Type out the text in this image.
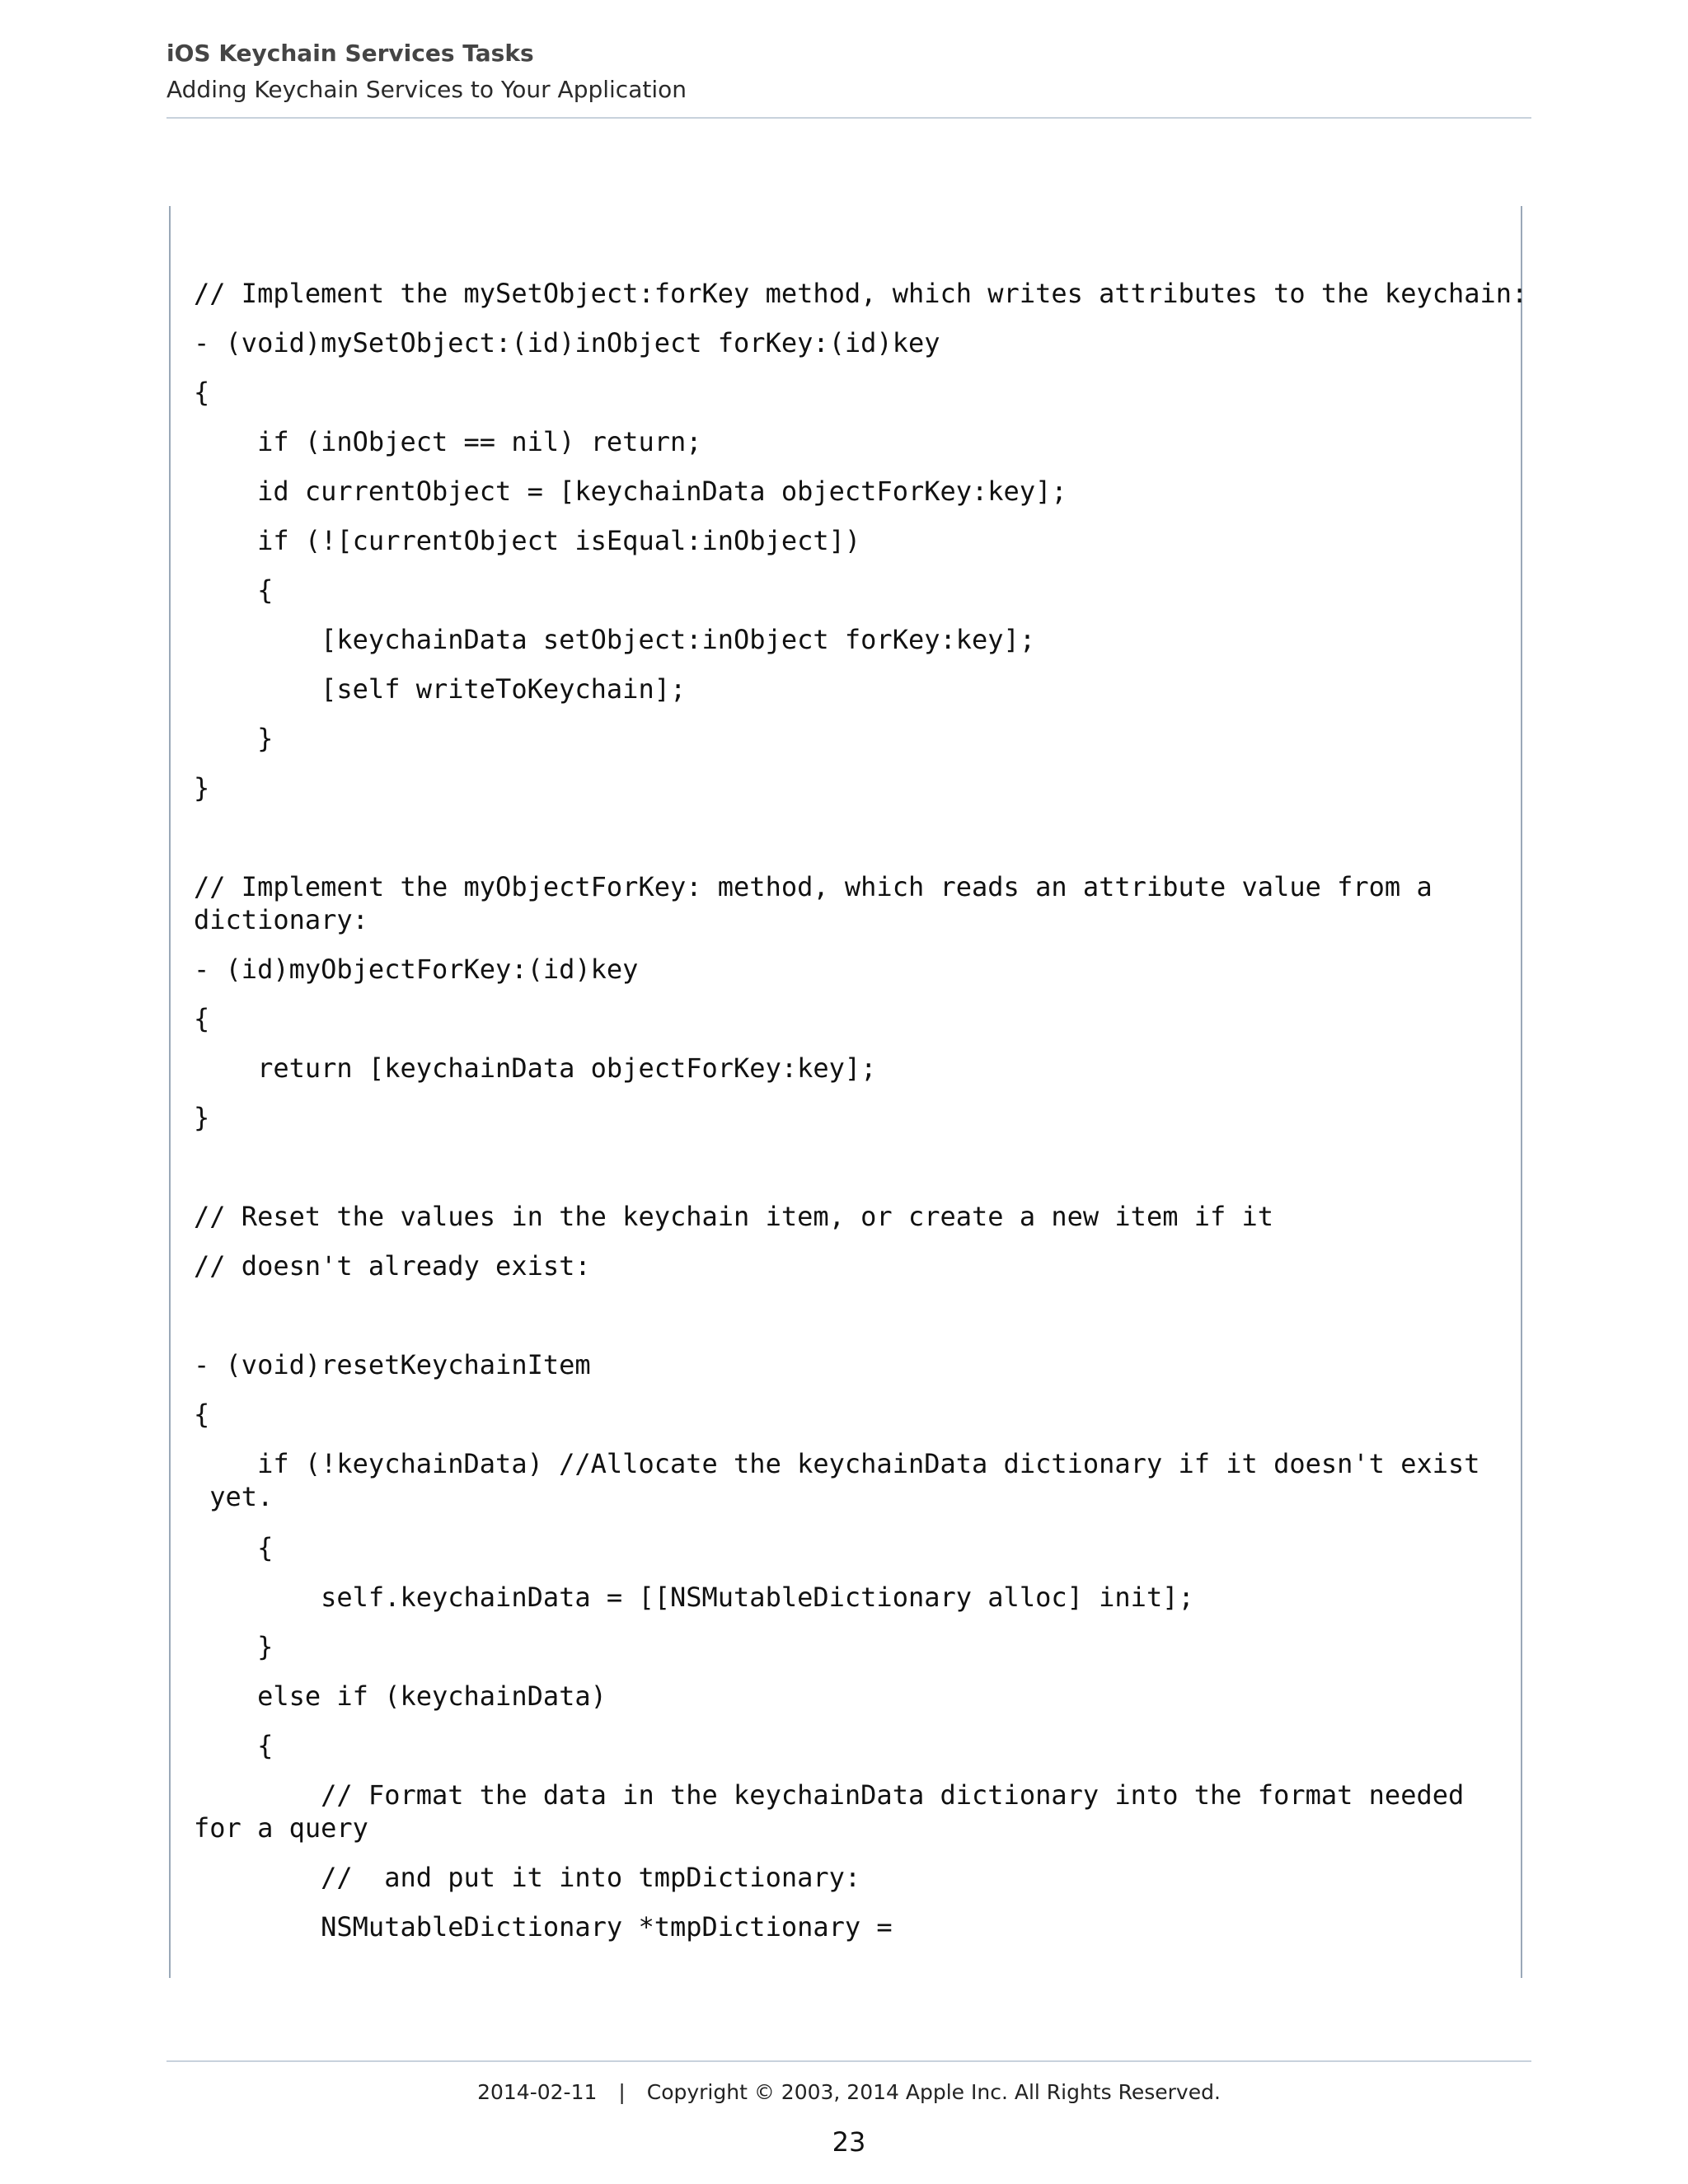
iOS Keychain Services Tasks
Adding Keychain Services to Your Application
// Implement the mySetObject:forKey method, which writes attributes to the keychain:
- (void)mySetObject:(id)inObject forKey:(id)key
{
if (inObject == nil) return;
id currentObject = [keychainData objectForKey:key];
if (![currentObject isEqual:inObject])
{
[keychainData setObject:inObject forKey:key];
[self writeToKeychain];
}
}
// Implement the myObjectForKey: method, which reads an attribute value from a
dictionary:
- (id)myObjectForKey:(id)key
{
return [keychainData objectForKey:key];
}
// Reset the values in the keychain item, or create a new item if it
// doesn't already exist:
- (void)resetKeychainItem
{
if (!keychainData) //Allocate the keychainData dictionary if it doesn't exist
yet.
{
self.keychainData = [[NSMutableDictionary alloc] init];
}
else if (keychainData)
{
// Format the data in the keychainData dictionary into the format needed
for a query
//  and put it into tmpDictionary:
NSMutableDictionary *tmpDictionary =
2014-02-11 | Copyright © 2003, 2014 Apple Inc. All Rights Reserved.
23
